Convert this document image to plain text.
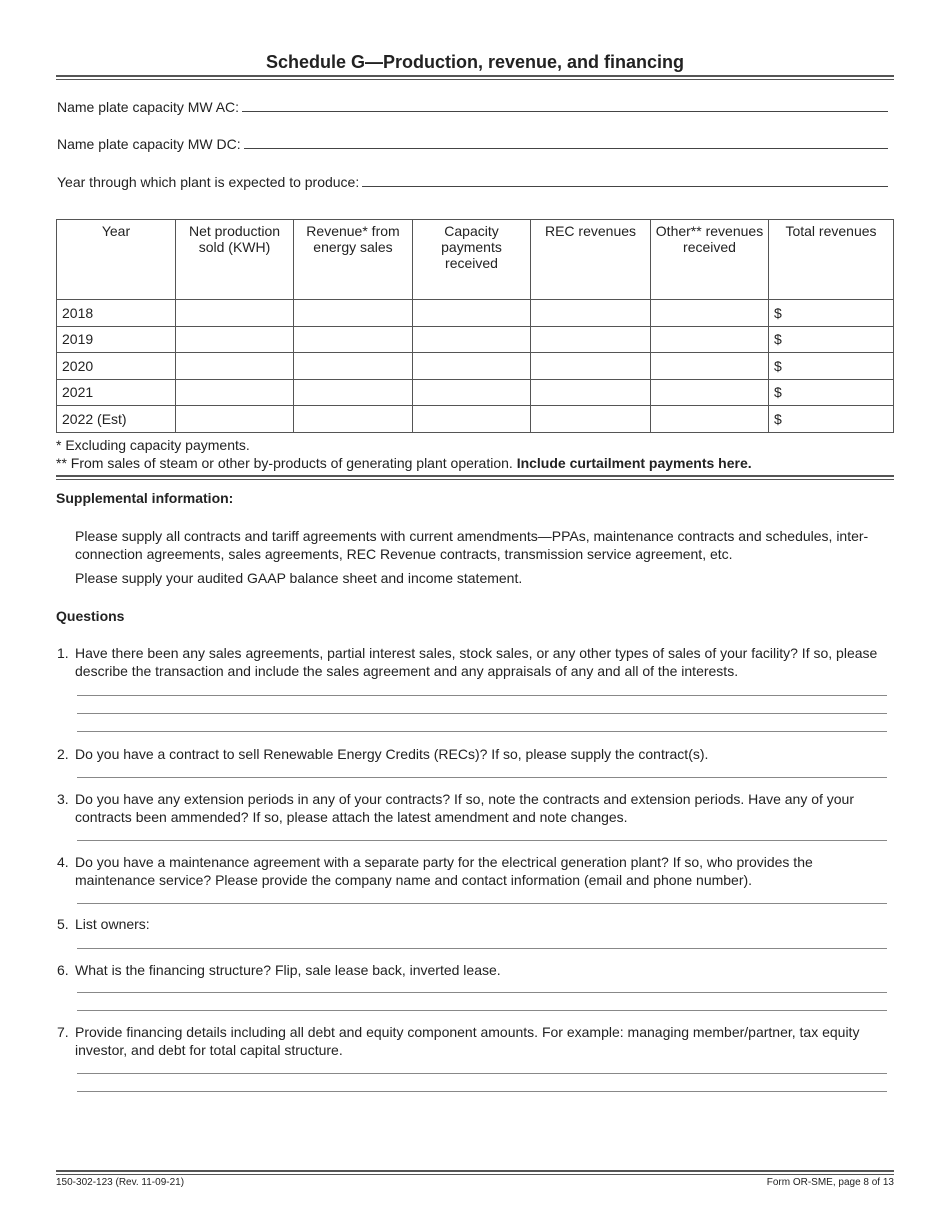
Schedule G—Production, revenue, and financing
Name plate capacity MW AC:
Name plate capacity MW DC:
Year through which plant is expected to produce:
Year	Net production sold (KWH)	Revenue* from energy sales	Capacity payments received	REC revenues	Other** revenues received	Total revenues
2018						$
2019						$
2020						$
2021						$
2022 (Est)						$
* Excluding capacity payments.
** From sales of steam or other by-products of generating plant operation. Include curtailment payments here.
Supplemental information:
Please supply all contracts and tariff agreements with current amendments—PPAs, maintenance contracts and schedules, inter-connection agreements, sales agreements, REC Revenue contracts, transmission service agreement, etc.
Please supply your audited GAAP balance sheet and income statement.
Questions
1. Have there been any sales agreements, partial interest sales, stock sales, or any other types of sales of your facility? If so, please describe the transaction and include the sales agreement and any appraisals of any and all of the interests.
2. Do you have a contract to sell Renewable Energy Credits (RECs)? If so, please supply the contract(s).
3. Do you have any extension periods in any of your contracts? If so, note the contracts and extension periods. Have any of your contracts been ammended? If so, please attach the latest amendment and note changes.
4. Do you have a maintenance agreement with a separate party for the electrical generation plant? If so, who provides the maintenance service? Please provide the company name and contact information (email and phone number).
5. List owners:
6. What is the financing structure? Flip, sale lease back, inverted lease.
7. Provide financing details including all debt and equity component amounts. For example: managing member/partner, tax equity investor, and debt for total capital structure.
150-302-123 (Rev. 11-09-21)	Form OR-SME, page 8 of 13
